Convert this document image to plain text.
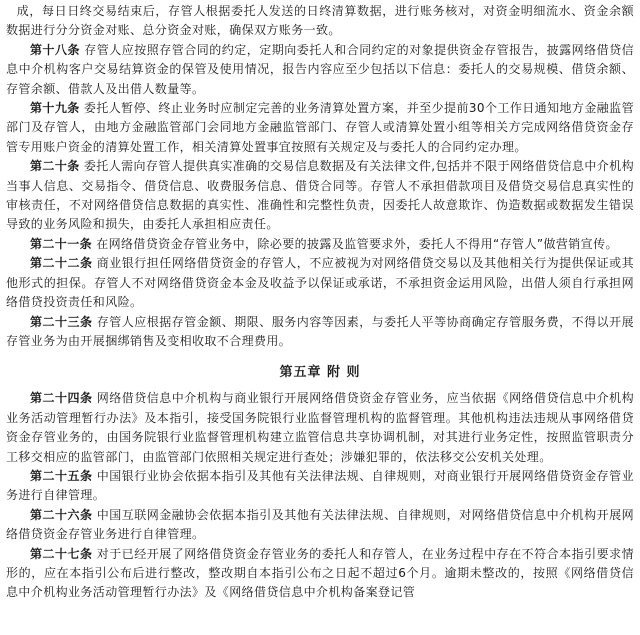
成，每日日终交易结束后，存管人根据委托人发送的日终清算数据，进行账务核对，对资金明细流水、资金余额数据进行分分资金对账、总分资金对账，确保双方账务一致。

第十八条 存管人应按照存管合同的约定，定期向委托人和合同约定的对象提供资金存管报告，披露网络借贷信息中介机构客户交易结算资金的保管及使用情况，报告内容应至少包括以下信息：委托人的交易规模、借贷余额、存管余额、借款人及出借人数量等。

第十九条 委托人暂停、终止业务时应制定完善的业务清算处置方案，并至少提前30个工作日通知地方金融监管部门及存管人，由地方金融监管部门会同地方金融监管部门、存管人或清算处置小组等相关方完成网络借贷资金存管专用账户资金的清算处置工作，相关清算处置事宜按照有关规定及与委托人的合同约定办理。

第二十条 委托人需向存管人提供真实准确的交易信息数据及有关法律文件,包括并不限于网络借贷信息中介机构当事人信息、交易指令、借贷信息、收费服务信息、借贷合同等。存管人不承担借款项目及借贷交易信息真实性的审核责任，不对网络借贷信息数据的真实性、准确性和完整性负责，因委托人故意欺诈、伪造数据或数据发生错误导致的业务风险和损失，由委托人承担相应责任。

第二十一条 在网络借贷资金存管业务中，除必要的披露及监管要求外，委托人不得用“存管人”做营销宣传。

第二十二条 商业银行担任网络借贷资金的存管人，不应被视为对网络借贷交易以及其他相关行为提供保证或其他形式的担保。存管人不对网络借贷资金本金及收益予以保证或承诺，不承担资金运用风险，出借人须自行承担网络借贷投资责任和风险。

第二十三条 存管人应根据存管金额、期限、服务内容等因素，与委托人平等协商确定存管服务费，不得以开展存管业务为由开展捆绑销售及变相收取不合理费用。

第五章 附 则

第二十四条 网络借贷信息中介机构与商业银行开展网络借贷资金存管业务，应当依据《网络借贷信息中介机构业务活动管理暂行办法》及本指引，接受国务院银行业监督管理机构的监督管理。其他机构违法违规从事网络借贷资金存管业务的，由国务院银行业监督管理机构建立监管信息共享协调机制，对其进行业务定性，按照监管职责分工移交相应的监管部门，由监管部门依照相关规定进行查处；涉嫌犯罪的，依法移交公安机关处理。

第二十五条 中国银行业协会依据本指引及其他有关法律法规、自律规则，对商业银行开展网络借贷资金存管业务进行自律管理。

第二十六条 中国互联网金融协会依据本指引及其他有关法律法规、自律规则，对网络借贷信息中介机构开展网络借贷资金存管业务进行自律管理。

第二十七条 对于已经开展了网络借贷资金存管业务的委托人和存管人，在业务过程中存在不符合本指引要求情形的，应在本指引公布后进行整改，整改期自本指引公布之日起不超过6个月。逾期未整改的，按照《网络借贷信息中介机构业务活动管理暂行办法》及《网络借贷信息中介机构备案登记管
